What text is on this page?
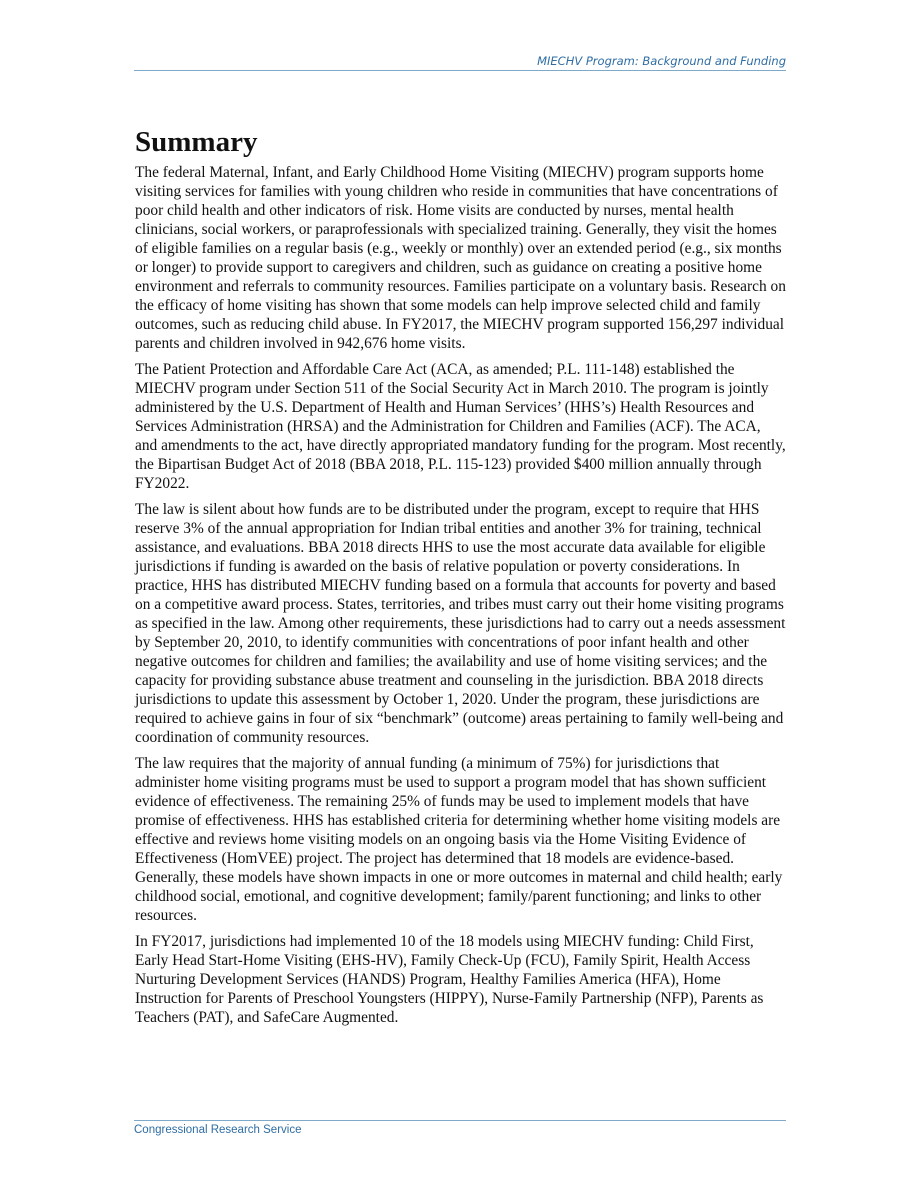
MIECHV Program: Background and Funding
Summary

The federal Maternal, Infant, and Early Childhood Home Visiting (MIECHV) program supports home visiting services for families with young children who reside in communities that have concentrations of poor child health and other indicators of risk. Home visits are conducted by nurses, mental health clinicians, social workers, or paraprofessionals with specialized training. Generally, they visit the homes of eligible families on a regular basis (e.g., weekly or monthly) over an extended period (e.g., six months or longer) to provide support to caregivers and children, such as guidance on creating a positive home environment and referrals to community resources. Families participate on a voluntary basis. Research on the efficacy of home visiting has shown that some models can help improve selected child and family outcomes, such as reducing child abuse. In FY2017, the MIECHV program supported 156,297 individual parents and children involved in 942,676 home visits.

The Patient Protection and Affordable Care Act (ACA, as amended; P.L. 111-148) established the MIECHV program under Section 511 of the Social Security Act in March 2010. The program is jointly administered by the U.S. Department of Health and Human Services’ (HHS’s) Health Resources and Services Administration (HRSA) and the Administration for Children and Families (ACF). The ACA, and amendments to the act, have directly appropriated mandatory funding for the program. Most recently, the Bipartisan Budget Act of 2018 (BBA 2018, P.L. 115-123) provided $400 million annually through FY2022.

The law is silent about how funds are to be distributed under the program, except to require that HHS reserve 3% of the annual appropriation for Indian tribal entities and another 3% for training, technical assistance, and evaluations. BBA 2018 directs HHS to use the most accurate data available for eligible jurisdictions if funding is awarded on the basis of relative population or poverty considerations. In practice, HHS has distributed MIECHV funding based on a formula that accounts for poverty and based on a competitive award process. States, territories, and tribes must carry out their home visiting programs as specified in the law. Among other requirements, these jurisdictions had to carry out a needs assessment by September 20, 2010, to identify communities with concentrations of poor infant health and other negative outcomes for children and families; the availability and use of home visiting services; and the capacity for providing substance abuse treatment and counseling in the jurisdiction. BBA 2018 directs jurisdictions to update this assessment by October 1, 2020. Under the program, these jurisdictions are required to achieve gains in four of six “benchmark” (outcome) areas pertaining to family well-being and coordination of community resources.

The law requires that the majority of annual funding (a minimum of 75%) for jurisdictions that administer home visiting programs must be used to support a program model that has shown sufficient evidence of effectiveness. The remaining 25% of funds may be used to implement models that have promise of effectiveness. HHS has established criteria for determining whether home visiting models are effective and reviews home visiting models on an ongoing basis via the Home Visiting Evidence of Effectiveness (HomVEE) project. The project has determined that 18 models are evidence-based. Generally, these models have shown impacts in one or more outcomes in maternal and child health; early childhood social, emotional, and cognitive development; family/parent functioning; and links to other resources.

In FY2017, jurisdictions had implemented 10 of the 18 models using MIECHV funding: Child First, Early Head Start-Home Visiting (EHS-HV), Family Check-Up (FCU), Family Spirit, Health Access Nurturing Development Services (HANDS) Program, Healthy Families America (HFA), Home Instruction for Parents of Preschool Youngsters (HIPPY), Nurse-Family Partnership (NFP), Parents as Teachers (PAT), and SafeCare Augmented.

Congressional Research Service
